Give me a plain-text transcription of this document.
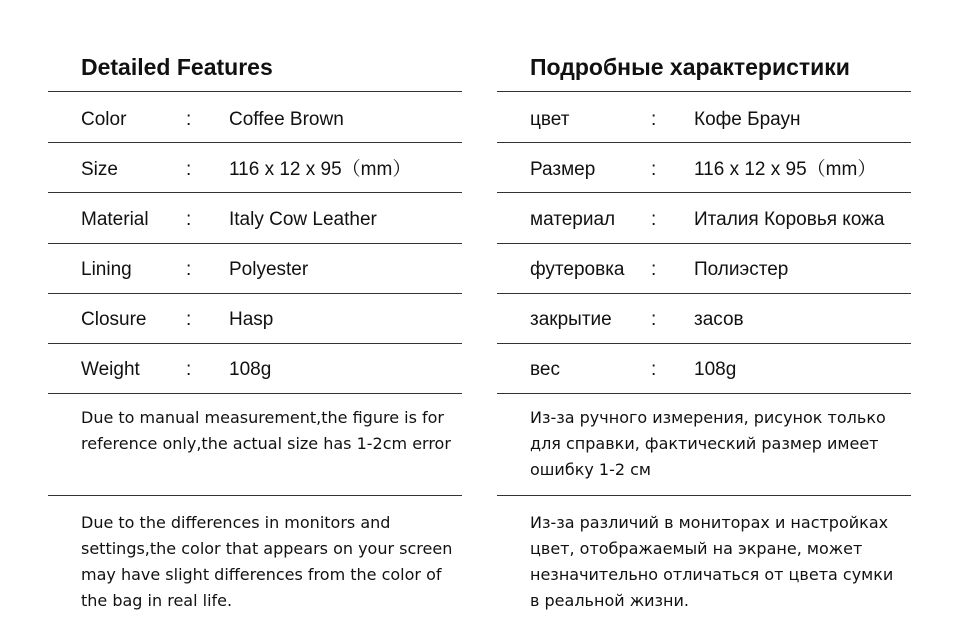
Detailed Features
Color	: Coffee Brown
Size	: 116 x 12 x 95（mm）
Material : Italy Cow Leather
Lining	: Polyester
Closure : Hasp
Weight : 108g
Due to manual measurement,the figure is for reference only,the actual size has 1-2cm error
Due to the differences in monitors and settings,the color that appears on your screen may have slight differences from the color of the bag in real life.
Подробные характеристики
цвет	: Кофе Браун
Размер	: 116 x 12 x 95（mm）
материал : Италия Коровья кожа
футеровка : Полиэстер
закрытие : засов
вес	: 108g
Из-за ручного измерения, рисунок только для справки, фактический размер имеет ошибку 1-2 см
Из-за различий в мониторах и настройках цвет, отображаемый на экране, может незначительно отличаться от цвета сумки в реальной жизни.
